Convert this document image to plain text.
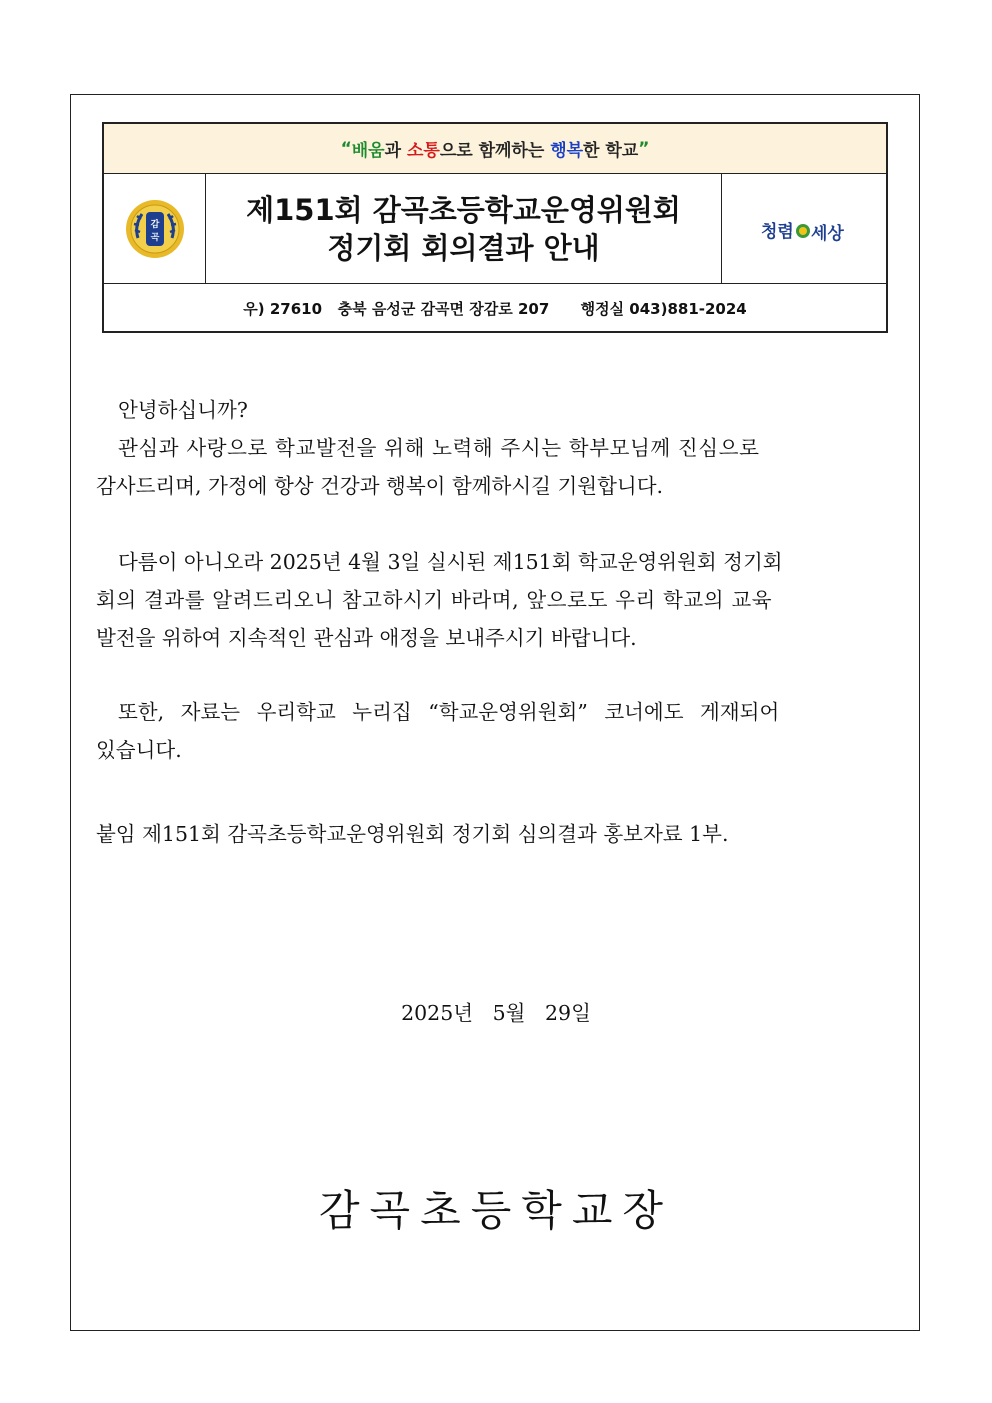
“ 배움 과 소통 으로 함께하는 행복 한 학교 ”
감
곡
제151회 감곡초등학교운영위원회
정기회 회의결과 안내	청렴 세상
우) 27610   충북 음성군 감곡면 장감로 207      행정실 043)881-2024

안녕하십니까?

관심과 사랑으로 학교발전을 위해 노력해 주시는 학부모님께 진심으로

감사드리며, 가정에 항상 건강과 행복이 함께하시길 기원합니다.

다름이 아니오라 2025년 4월 3일 실시된 제151회 학교운영위원회 정기회

회의 결과를 알려드리오니 참고하시기 바라며, 앞으로도 우리 학교의 교육

발전을 위하여 지속적인 관심과 애정을 보내주시기 바랍니다.

또한, 자료는 우리학교 누리집 “학교운영위원회” 코너에도 게재되어

있습니다.

붙임 제151회 감곡초등학교운영위원회 정기회 심의결과 홍보자료 1부.

2025년   5월   29일
감곡초등학교장
